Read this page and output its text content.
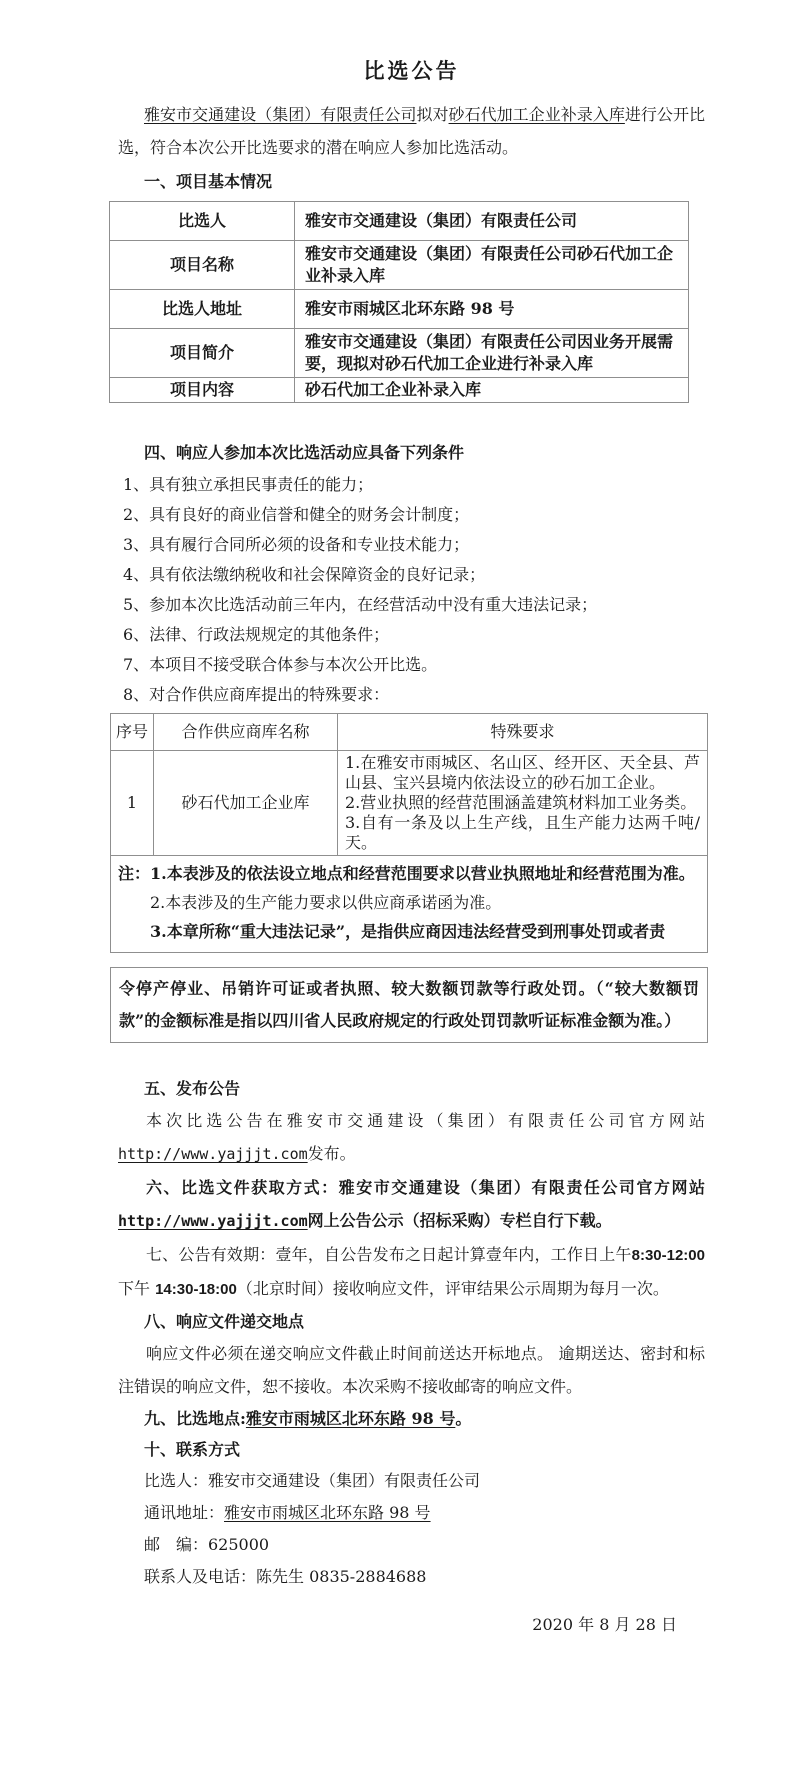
比选公告

雅安市交通建设（集团）有限责任公司拟对砂石代加工企业补录入库进行公开比选，符合本次公开比选要求的潜在响应人参加比选活动。

一、项目基本情况

比选人	雅安市交通建设（集团）有限责任公司
项目名称	雅安市交通建设（集团）有限责任公司砂石代加工企业补录入库
比选人地址	雅安市雨城区北环东路 98 号
项目简介	雅安市交通建设（集团）有限责任公司因业务开展需要，现拟对砂石代加工企业进行补录入库
项目内容	砂石代加工企业补录入库

四、响应人参加本次比选活动应具备下列条件

1、具有独立承担民事责任的能力；

2、具有良好的商业信誉和健全的财务会计制度；

3、具有履行合同所必须的设备和专业技术能力；

4、具有依法缴纳税收和社会保障资金的良好记录；

5、参加本次比选活动前三年内，在经营活动中没有重大违法记录；

6、法律、行政法规规定的其他条件；

7、本项目不接受联合体参与本次公开比选。

8、对合作供应商库提出的特殊要求：

序号	合作供应商库名称	特殊要求
1	砂石代加工企业库	1.在雅安市雨城区、名山区、经开区、天全县、芦山县、宝兴县境内依法设立的砂石加工企业。

2.营业执照的经营范围涵盖建筑材料加工业务类。

3.自有一条及以上生产线，且生产能力达两千吨/天。

注：1.本表涉及的依法设立地点和经营范围要求以营业执照地址和经营范围为准。

2.本表涉及的生产能力要求以供应商承诺函为准。

3.本章所称“重大违法记录”，是指供应商因违法经营受到刑事处罚或者责		

令停产停业、吊销许可证或者执照、较大数额罚款等行政处罚。（“较大数额罚款”的金额标准是指以四川省人民政府规定的行政处罚罚款听证标准金额为准。）

五、发布公告

本次比选公告在雅安市交通建设（集团）有限责任公司官方网站http://www.yajjjt.com发布。

六、比选文件获取方式：雅安市交通建设（集团）有限责任公司官方网站http://www.yajjjt.com网上公告公示（招标采购）专栏自行下载。

七、公告有效期：壹年，自公告发布之日起计算壹年内，工作日上午8:30-12:00 下午 14:30-18:00（北京时间）接收响应文件，评审结果公示周期为每月一次。

八、响应文件递交地点

响应文件必须在递交响应文件截止时间前送达开标地点。 逾期送达、密封和标注错误的响应文件，恕不接收。本次采购不接收邮寄的响应文件。

九、比选地点:雅安市雨城区北环东路 98 号。

十、联系方式

比选人：雅安市交通建设（集团）有限责任公司

通讯地址：雅安市雨城区北环东路 98 号

邮　编：625000

联系人及电话：陈先生 0835-2884688

2020 年 8 月 28 日
